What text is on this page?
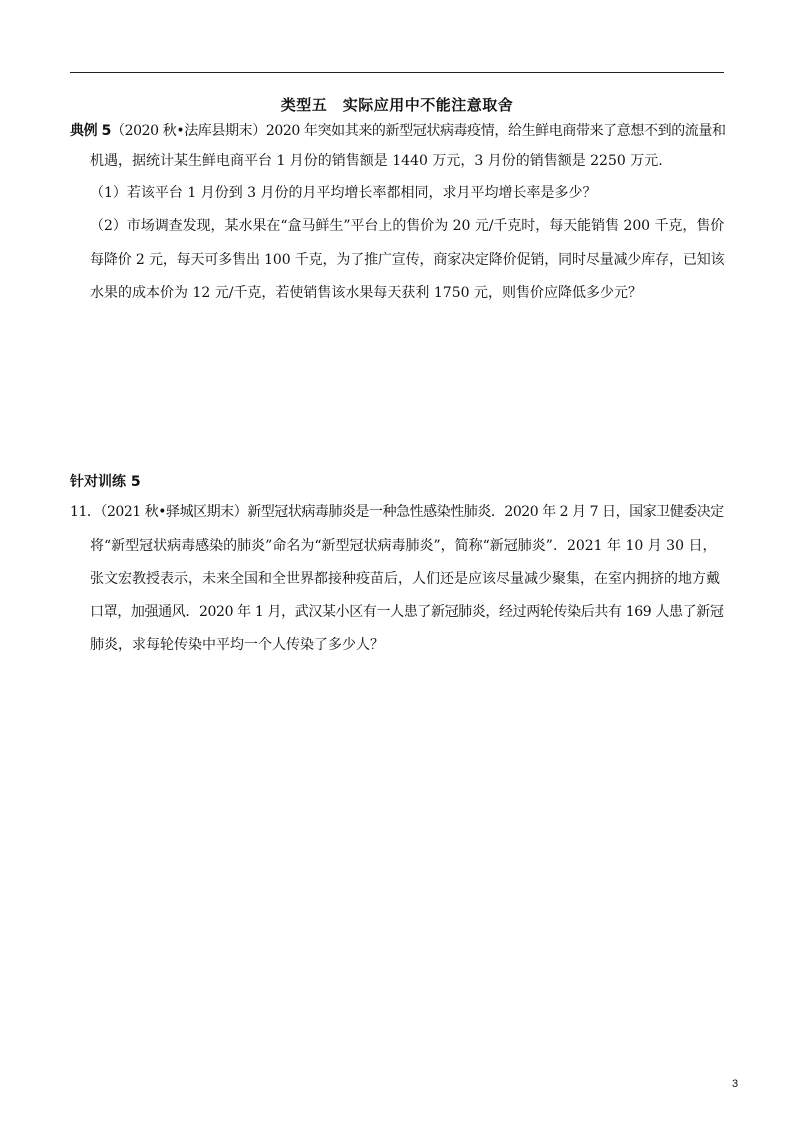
类型五　实际应用中不能注意取舍
典例 5（2020 秋•法库县期末）2020 年突如其来的新型冠状病毒疫情，给生鲜电商带来了意想不到的流量和
机遇，据统计某生鲜电商平台 1 月份的销售额是 1440 万元，3 月份的销售额是 2250 万元.
（1）若该平台 1 月份到 3 月份的月平均增长率都相同，求月平均增长率是多少？
（2）市场调查发现，某水果在“盒马鲜生”平台上的售价为 20 元/千克时，每天能销售 200 千克，售价
每降价 2 元，每天可多售出 100 千克，为了推广宣传，商家决定降价促销，同时尽量减少库存，已知该
水果的成本价为 12 元/千克，若使销售该水果每天获利 1750 元，则售价应降低多少元？
针对训练 5
11．（2021 秋•驿城区期末）新型冠状病毒肺炎是一种急性感染性肺炎．2020 年 2 月 7 日，国家卫健委决定
将“新型冠状病毒感染的肺炎”命名为“新型冠状病毒肺炎”，简称“新冠肺炎”．2021 年 10 月 30 日，
张文宏教授表示，未来全国和全世界都接种疫苗后，人们还是应该尽量减少聚集，在室内拥挤的地方戴
口罩，加强通风．2020 年 1 月，武汉某小区有一人患了新冠肺炎，经过两轮传染后共有 169 人患了新冠
肺炎，求每轮传染中平均一个人传染了多少人？
3
